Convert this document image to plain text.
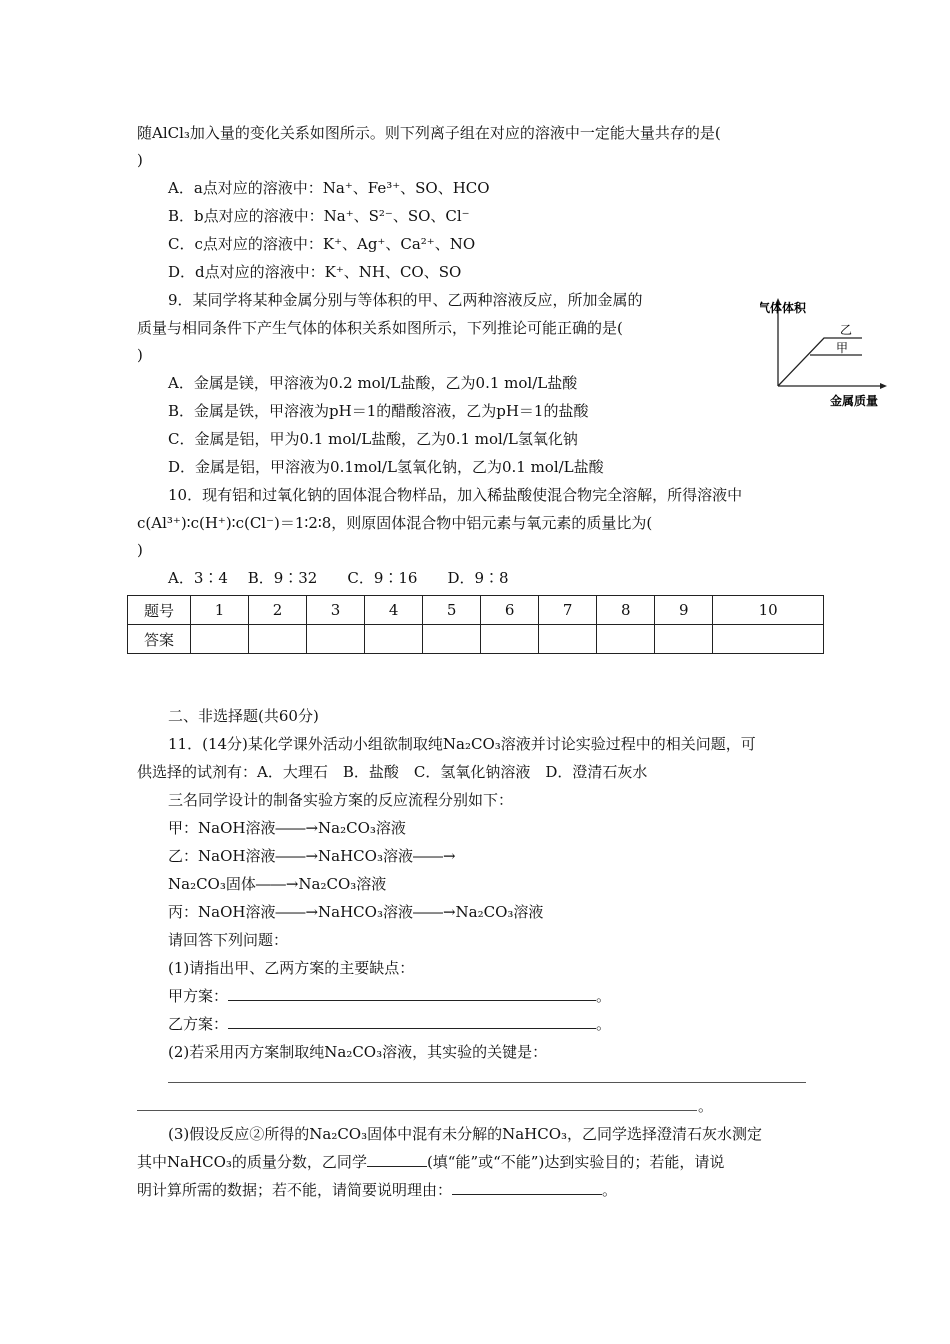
随AlCl₃加入量的变化关系如图所示。则下列离子组在对应的溶液中一定能大量共存的是(
)
A．a点对应的溶液中：Na⁺、Fe³⁺、SO、HCO
B．b点对应的溶液中：Na⁺、S²⁻、SO、Cl⁻
C．c点对应的溶液中：K⁺、Ag⁺、Ca²⁺、NO
D．d点对应的溶液中：K⁺、NH、CO、SO
9．某同学将某种金属分别与等体积的甲、乙两种溶液反应，所加金属的
质量与相同条件下产生气体的体积关系如图所示，下列推论可能正确的是(
)
A．金属是镁，甲溶液为0.2 mol/L盐酸，乙为0.1 mol/L盐酸
B．金属是铁，甲溶液为pH＝1的醋酸溶液，乙为pH＝1的盐酸
C．金属是铝，甲为0.1 mol/L盐酸，乙为0.1 mol/L氢氧化钠
D．金属是铝，甲溶液为0.1mol/L氢氧化钠，乙为0.1 mol/L盐酸
气体体积
乙
甲
金属质量
10．现有铝和过氧化钠的固体混合物样品，加入稀盐酸使混合物完全溶解，所得溶液中
c(Al³⁺)∶c(H⁺)∶c(Cl⁻)＝1∶2∶8，则原固体混合物中铝元素与氧元素的质量比为(
)
A．3∶4　 B．9∶32　　C．9∶16　　D．9∶8
题号	1	2	3	4	5	6	7	8	9	10
答案										
二、非选择题(共60分)
11．(14分)某化学课外活动小组欲制取纯Na₂CO₃溶液并讨论实验过程中的相关问题，可
供选择的试剂有：A．大理石　B．盐酸　C．氢氧化钠溶液　D．澄清石灰水
三名同学设计的制备实验方案的反应流程分别如下：
甲：NaOH溶液――→Na₂CO₃溶液
乙：NaOH溶液――→NaHCO₃溶液――→
Na₂CO₃固体――→Na₂CO₃溶液
丙：NaOH溶液――→NaHCO₃溶液――→Na₂CO₃溶液
请回答下列问题：
(1)请指出甲、乙两方案的主要缺点：
甲方案：	。
乙方案：	。
(2)若采用丙方案制取纯Na₂CO₃溶液，其实验的关键是：
。
(3)假设反应②所得的Na₂CO₃固体中混有未分解的NaHCO₃，乙同学选择澄清石灰水测定
其中NaHCO₃的质量分数，乙同学	(填“能”或“不能”)达到实验目的；若能，请说
明计算所需的数据；若不能，请简要说明理由：	。
